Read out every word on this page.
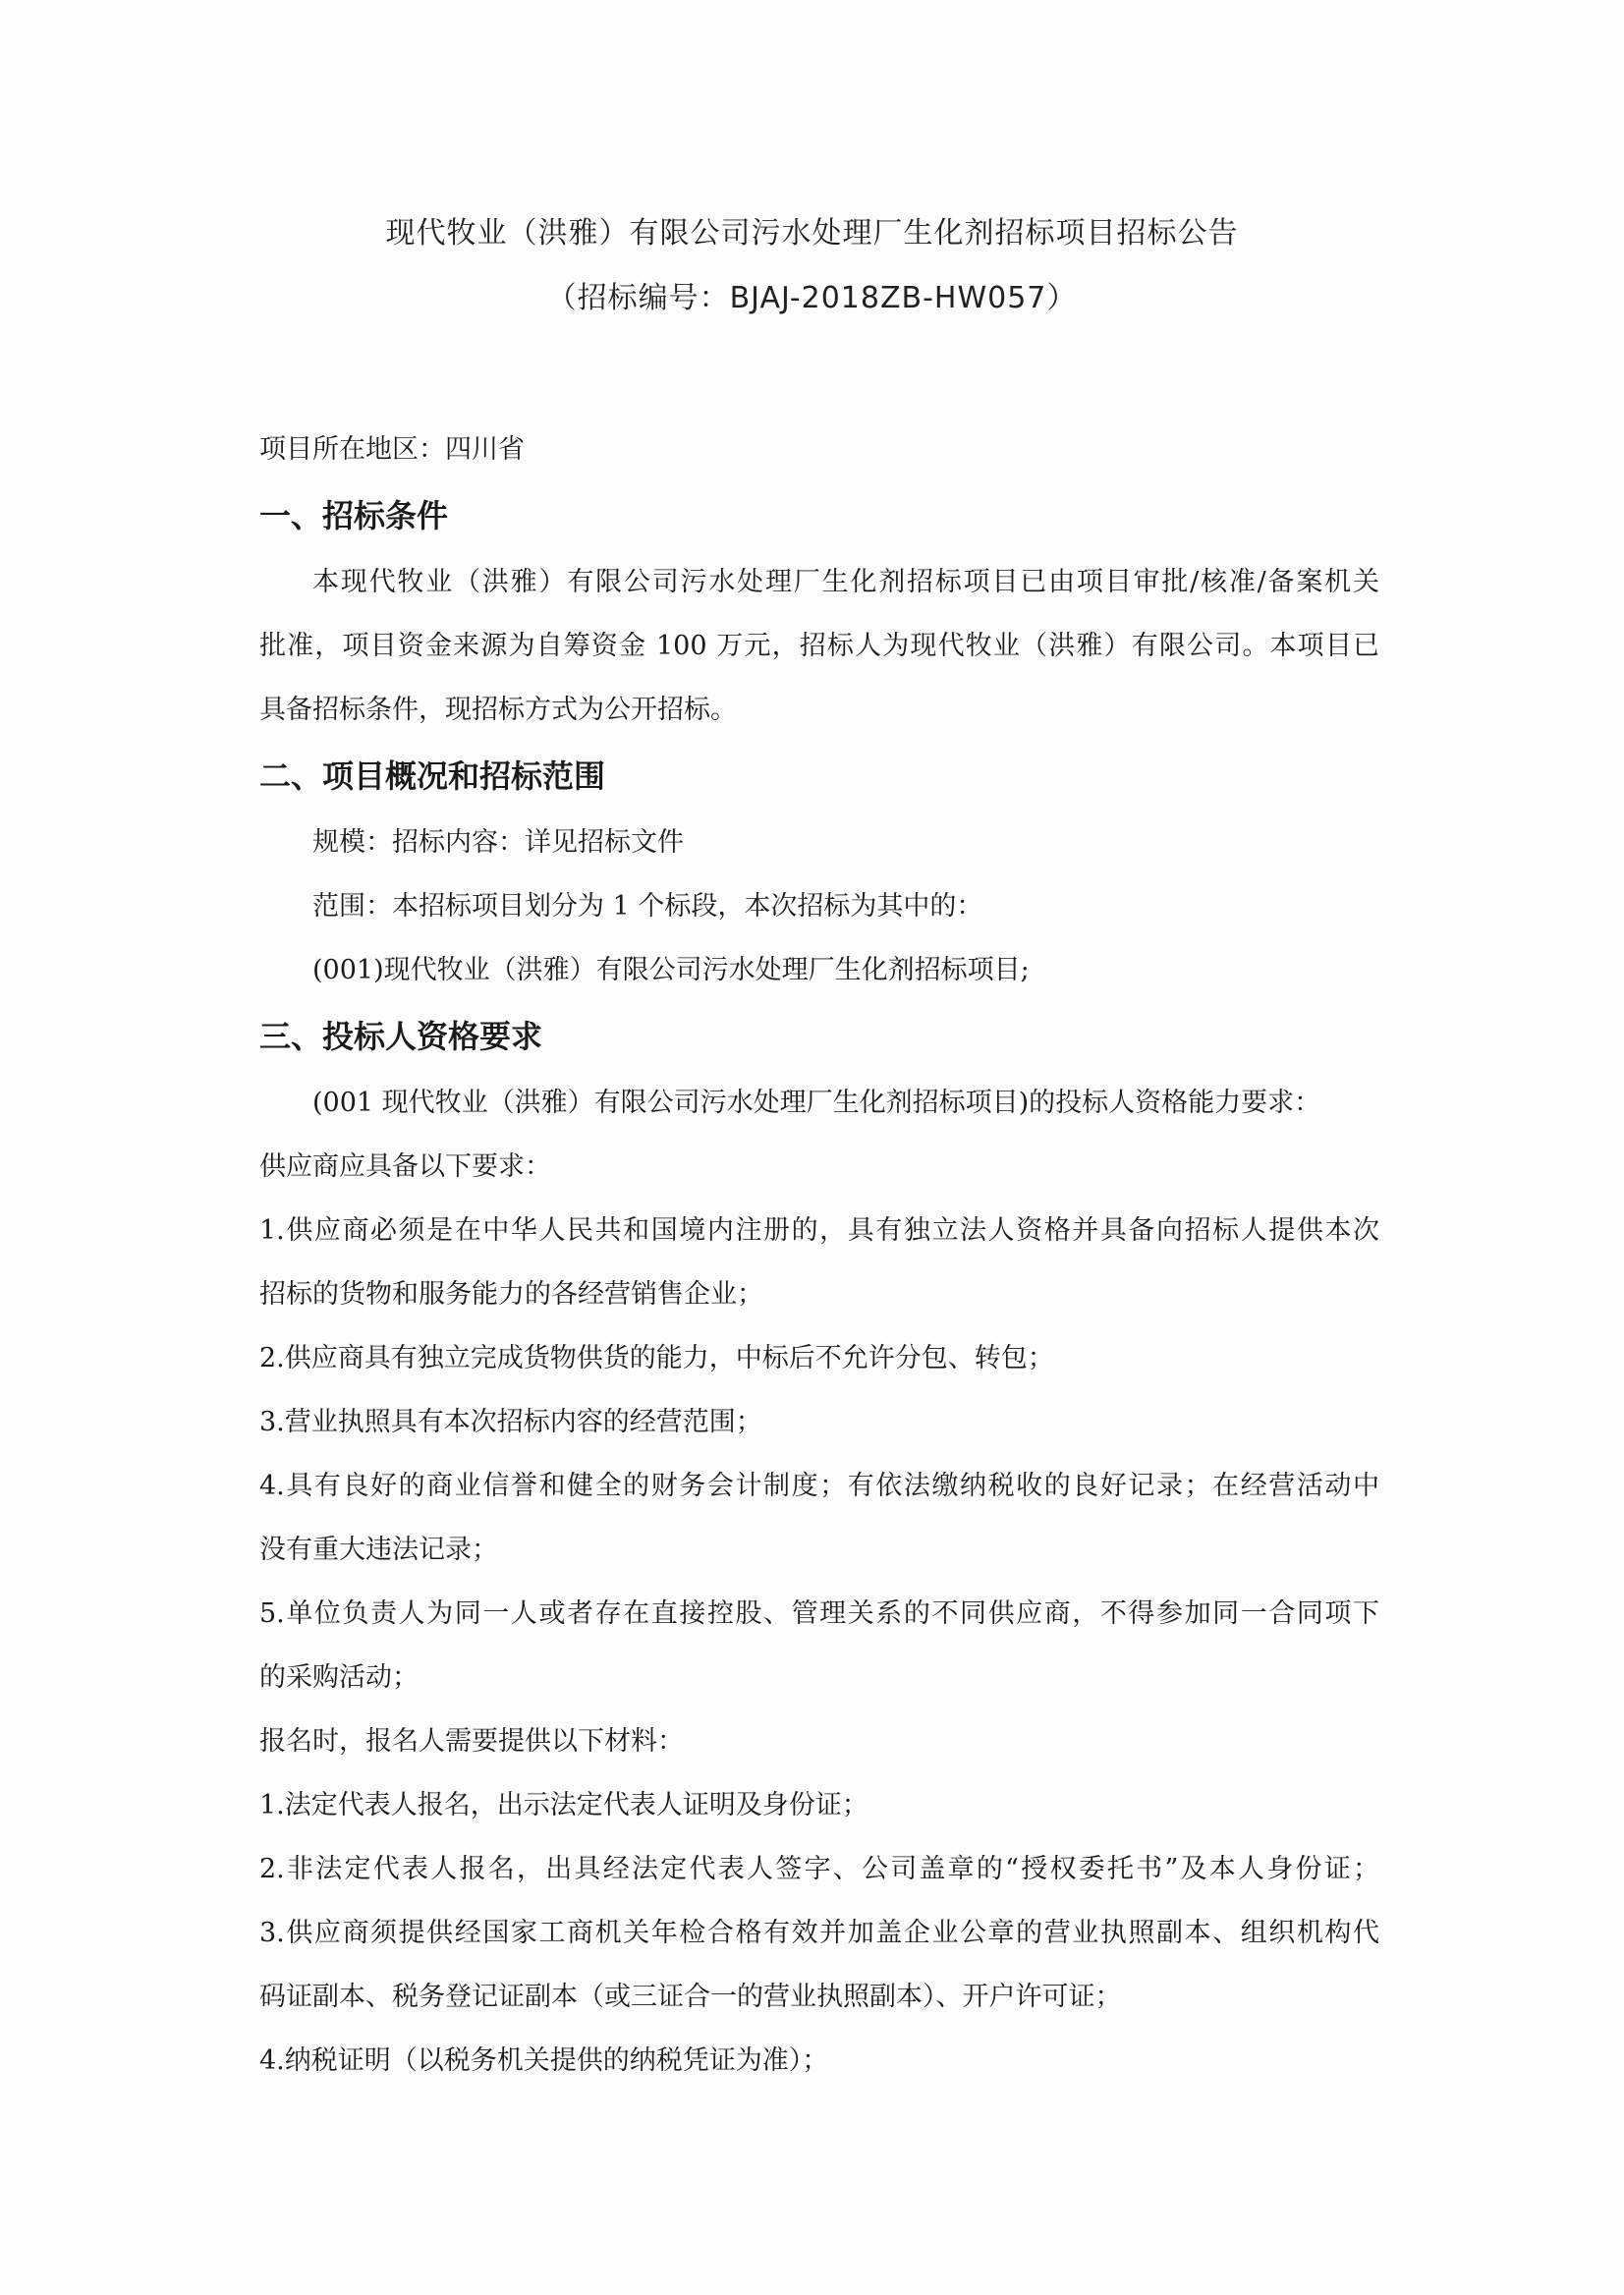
现代牧业（洪雅）有限公司污水处理厂生化剂招标项目招标公告
（招标编号：BJAJ-2018ZB-HW057）
项目所在地区：四川省
一、招标条件
本现代牧业（洪雅）有限公司污水处理厂生化剂招标项目已由项目审批/核准/备案机关
批准，项目资金来源为自筹资金 100 万元，招标人为现代牧业（洪雅）有限公司。本项目已
具备招标条件，现招标方式为公开招标。
二、项目概况和招标范围
规模：招标内容：详见招标文件
范围：本招标项目划分为 1 个标段，本次招标为其中的：
(001)现代牧业（洪雅）有限公司污水处理厂生化剂招标项目;
三、投标人资格要求
(001 现代牧业（洪雅）有限公司污水处理厂生化剂招标项目)的投标人资格能力要求：
供应商应具备以下要求：
1.供应商必须是在中华人民共和国境内注册的，具有独立法人资格并具备向招标人提供本次
招标的货物和服务能力的各经营销售企业；
2.供应商具有独立完成货物供货的能力，中标后不允许分包、转包；
3.营业执照具有本次招标内容的经营范围；
4.具有良好的商业信誉和健全的财务会计制度；有依法缴纳税收的良好记录；在经营活动中
没有重大违法记录；
5.单位负责人为同一人或者存在直接控股、管理关系的不同供应商，不得参加同一合同项下
的采购活动；
报名时，报名人需要提供以下材料：
1.法定代表人报名，出示法定代表人证明及身份证；
2.非法定代表人报名，出具经法定代表人签字、公司盖章的“授权委托书”及本人身份证；
3.供应商须提供经国家工商机关年检合格有效并加盖企业公章的营业执照副本、组织机构代
码证副本、税务登记证副本（或三证合一的营业执照副本）、开户许可证；
4.纳税证明（以税务机关提供的纳税凭证为准）；
